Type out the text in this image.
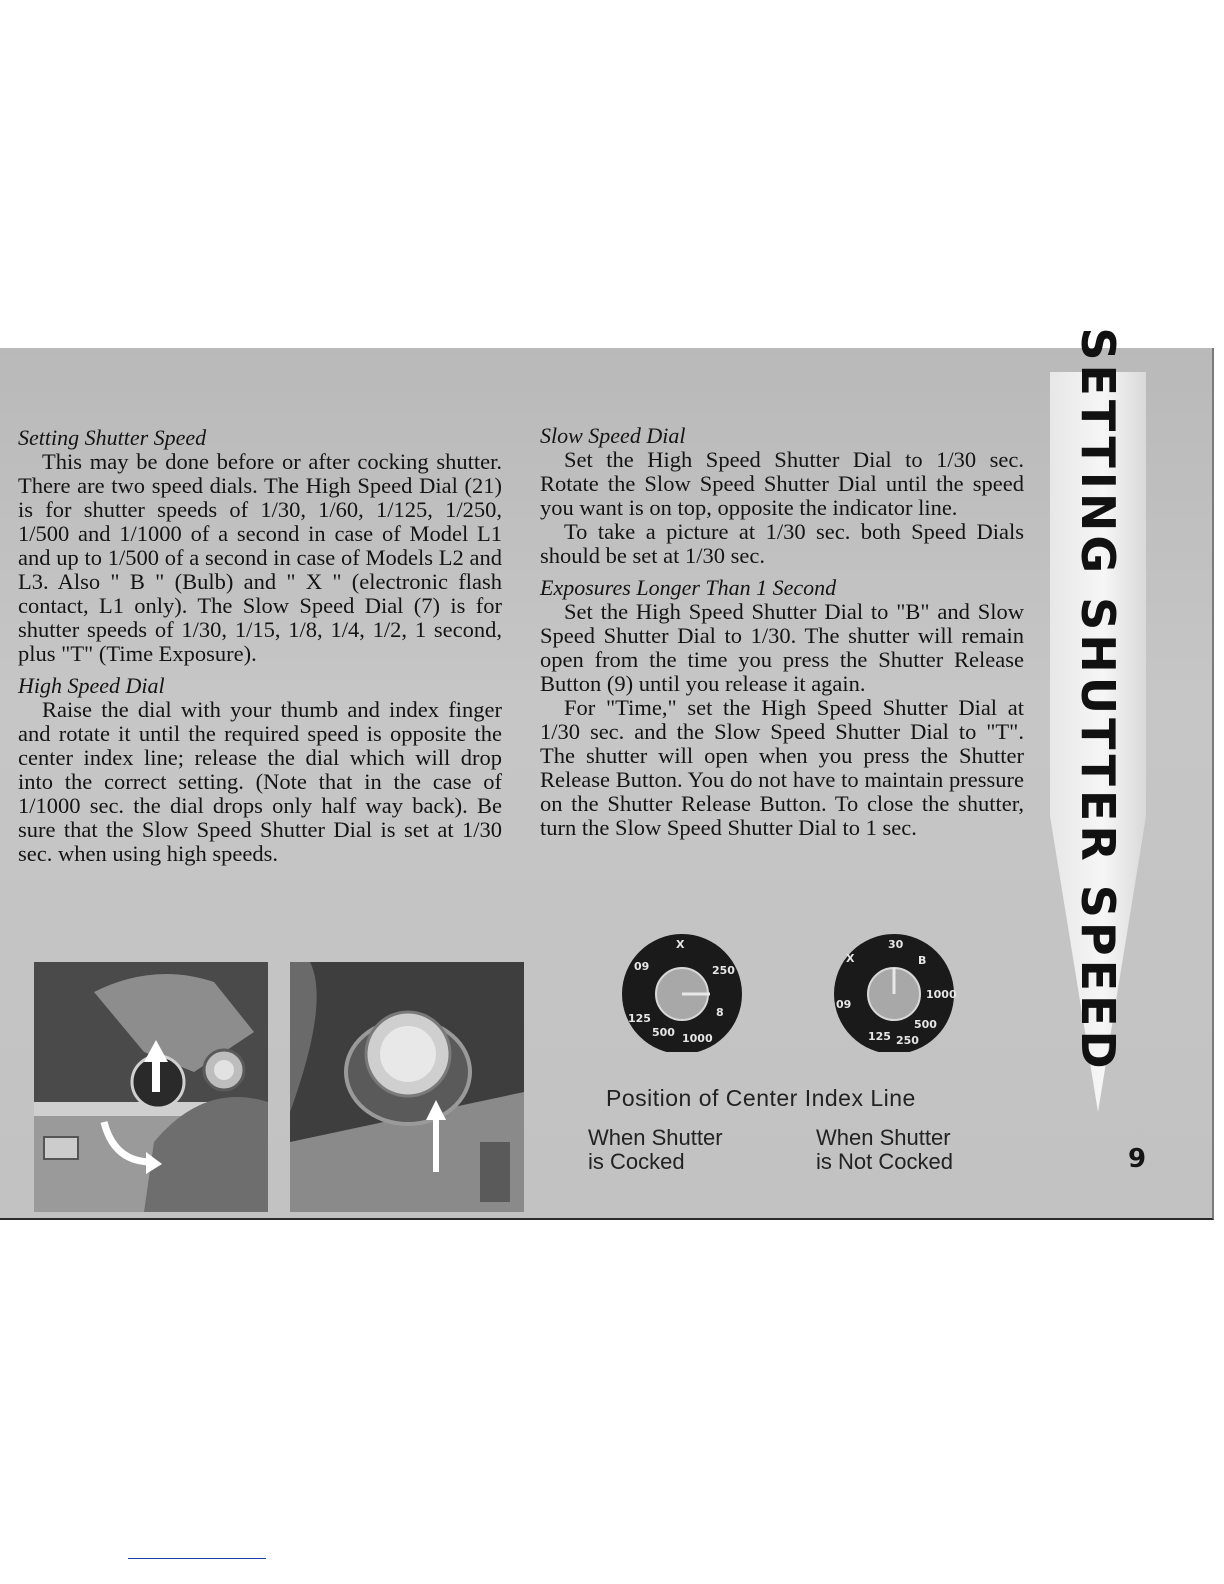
Setting Shutter Speed

This may be done before or after cocking shutter. There are two speed dials. The High Speed Dial (21) is for shutter speeds of 1/30, 1/60, 1/125, 1/250, 1/500 and 1/1000 of a second in case of Model L1 and up to 1/500 of a second in case of Models L2 and L3. Also " B " (Bulb) and " X " (electronic flash contact, L1 only). The Slow Speed Dial (7) is for shutter speeds of 1/30, 1/15, 1/8, 1/4, 1/2, 1 second, plus "T" (Time Exposure).

High Speed Dial

Raise the dial with your thumb and index finger and rotate it until the required speed is opposite the center index line; release the dial which will drop into the correct setting. (Note that in the case of 1/1000 sec. the dial drops only half way back). Be sure that the Slow Speed Shutter Dial is set at 1/30 sec. when using high speeds.

Slow Speed Dial

Set the High Speed Shutter Dial to 1/30 sec. Rotate the Slow Speed Shutter Dial until the speed you want is on top, opposite the indicator line.

To take a picture at 1/30 sec. both Speed Dials should be set at 1/30 sec.

Exposures Longer Than 1 Second

Set the High Speed Shutter Dial to "B" and Slow Speed Shutter Dial to 1/30. The shutter will remain open from the time you press the Shutter Release Button (9) until you release it again.

For "Time," set the High Speed Shutter Dial at 1/30 sec. and the Slow Speed Shutter Dial to "T". The shutter will open when you press the Shutter Release Button. You do not have to maintain pressure on the Shutter Release Button. To close the shutter, turn the Slow Speed Shutter Dial to 1 sec.	SETTING SHUTTER SPEED
9
09
X
250
8
1000
500
125
X
30
B
1000
500
250
125
09
Position of Center Index Line
When Shutter
is Cocked
When Shutter
is Not Cocked
